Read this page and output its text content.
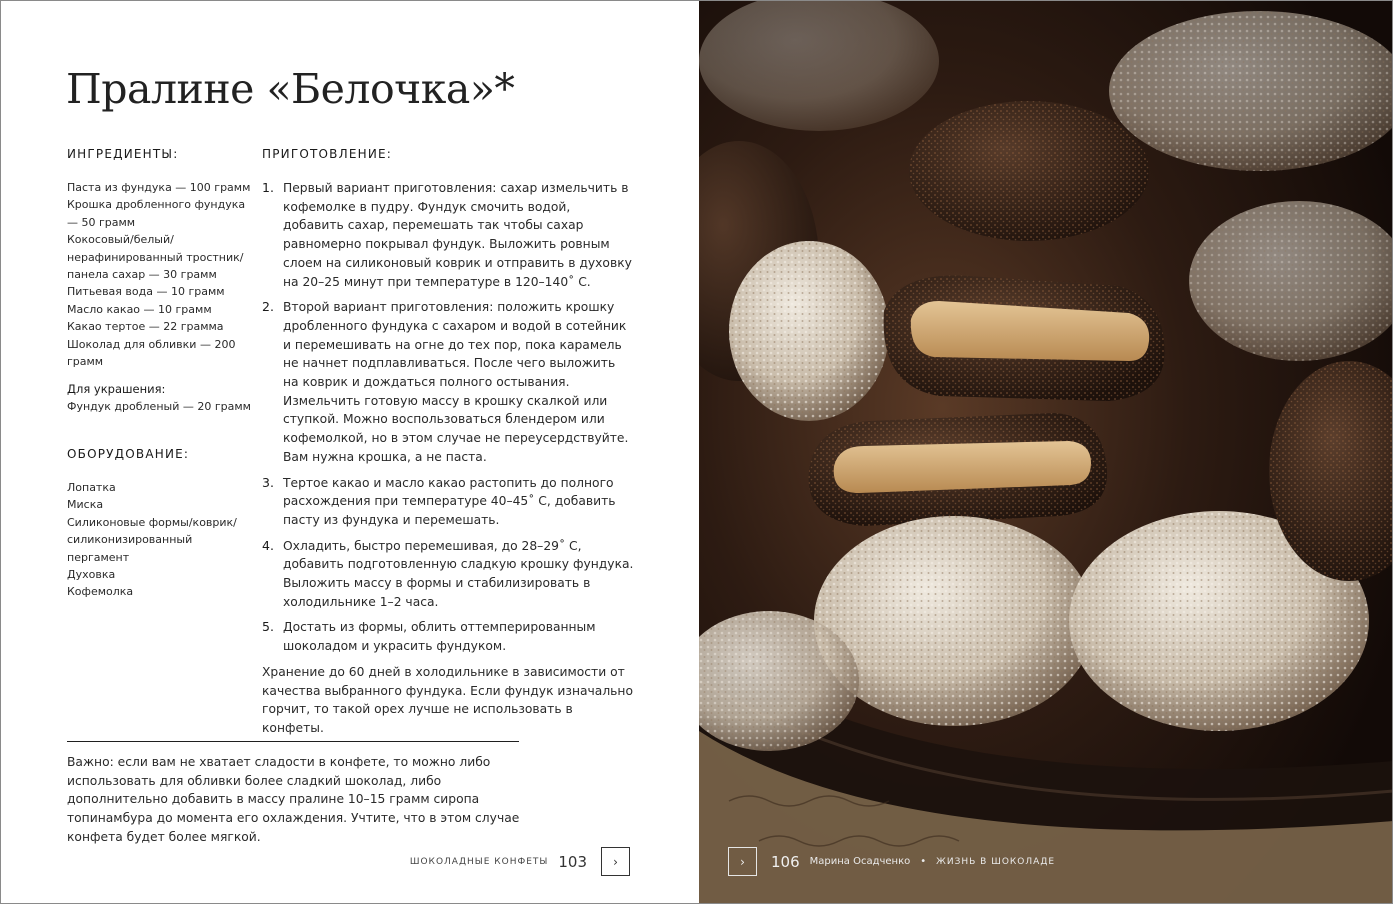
Пралине «Белочка»*
ИНГРЕДИЕНТЫ:
Паста из фундука — 100 грамм
Крошка дробленного фундука — 50 грамм
Кокосовый/белый/ нерафинированный тростник/ панела сахар — 30 грамм
Питьевая вода — 10 грамм
Масло какао — 10 грамм
Какао тертое — 22 грамма
Шоколад для обливки — 200 грамм
Для украшения:
Фундук дробленый — 20 грамм
ОБОРУДОВАНИЕ:
Лопатка
Миска
Силиконовые формы/коврик/ силиконизированный пергамент
Духовка
Кофемолка
ПРИГОТОВЛЕНИЕ:
1. Первый вариант приготовления: сахар измельчить в кофемолке в пудру. Фундук смочить водой, добавить сахар, перемешать так чтобы сахар равномерно покрывал фундук. Выложить ровным слоем на силиконовый коврик и отправить в духовку на 20–25 минут при температуре в 120–140˚ С.
2. Второй вариант приготовления: положить крошку дробленного фундука с сахаром и водой в сотейник и перемешивать на огне до тех пор, пока карамель не начнет подплавливаться. После чего выложить на коврик и дождаться полного остывания. Измельчить готовую массу в крошку скалкой или ступкой. Можно воспользоваться блендером или кофемолкой, но в этом случае не переусердствуйте. Вам нужна крошка, а не паста.
3. Тертое какао и масло какао растопить до полного расхождения при температуре 40–45˚ С, добавить пасту из фундука и перемешать.
4. Охладить, быстро перемешивая, до 28–29˚ С, добавить подготовленную сладкую крошку фундука. Выложить массу в формы и стабилизировать в холодильнике 1–2 часа.
5. Достать из формы, облить оттемперированным шоколадом и украсить фундуком.

Хранение до 60 дней в холодильнике в зависимости от качества выбранного фундука. Если фундук изначально горчит, то такой орех лучше не использовать в конфеты.

Важно: если вам не хватает сладости в конфете, то можно либо использовать для обливки более сладкий шоколад, либо дополнительно добавить в массу пралине 10–15 грамм сиропа топинамбура до момента его охлаждения. Учтите, что в этом случае конфета будет более мягкой.

ШОКОЛАДНЫЕ КОНФЕТЫ 103 ›	› 106 Марина Осадченко • ЖИЗНЬ В ШОКОЛАДЕ
